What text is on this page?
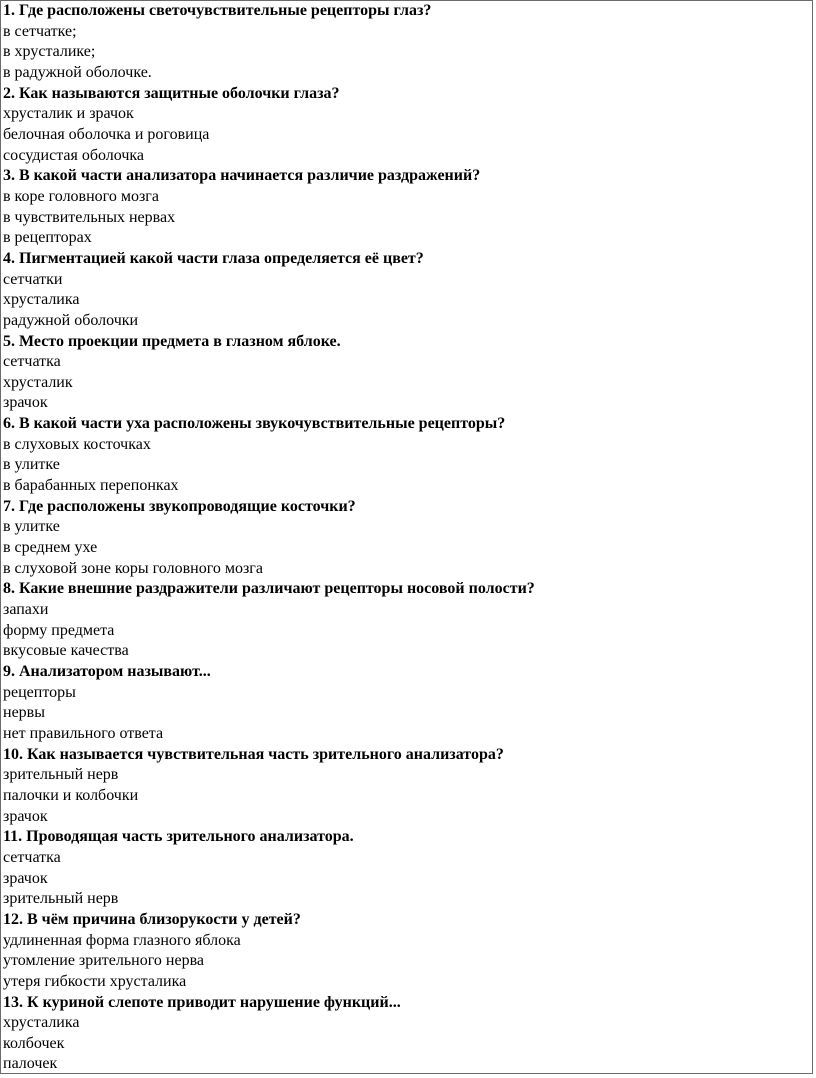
1. Где расположены светочувствительные рецепторы глаз?
в сетчатке;
в хрусталике;
в радужной оболочке.
2. Как называются защитные оболочки глаза?
хрусталик и зрачок
белочная оболочка и роговица
сосудистая оболочка
3. В какой части анализатора начинается различие раздражений?
в коре головного мозга
в чувствительных нервах
в рецепторах
4. Пигментацией какой части глаза определяется её цвет?
сетчатки
хрусталика
радужной оболочки
5. Место проекции предмета в глазном яблоке.
сетчатка
хрусталик
зрачок
6. В какой части уха расположены звукочувствительные рецепторы?
в слуховых косточках
в улитке
в барабанных перепонках
7. Где расположены звукопроводящие косточки?
в улитке
в среднем ухе
в слуховой зоне коры головного мозга
8. Какие внешние раздражители различают рецепторы носовой полости?
запахи
форму предмета
вкусовые качества
9. Анализатором называют...
рецепторы
нервы
нет правильного ответа
10. Как называется чувствительная часть зрительного анализатора?
зрительный нерв
палочки и колбочки
зрачок
11. Проводящая часть зрительного анализатора.
сетчатка
зрачок
зрительный нерв
12. В чём причина близорукости у детей?
удлиненная форма глазного яблока
утомление зрительного нерва
утеря гибкости хрусталика
13. К куриной слепоте приводит нарушение функций...
хрусталика
колбочек
палочек
